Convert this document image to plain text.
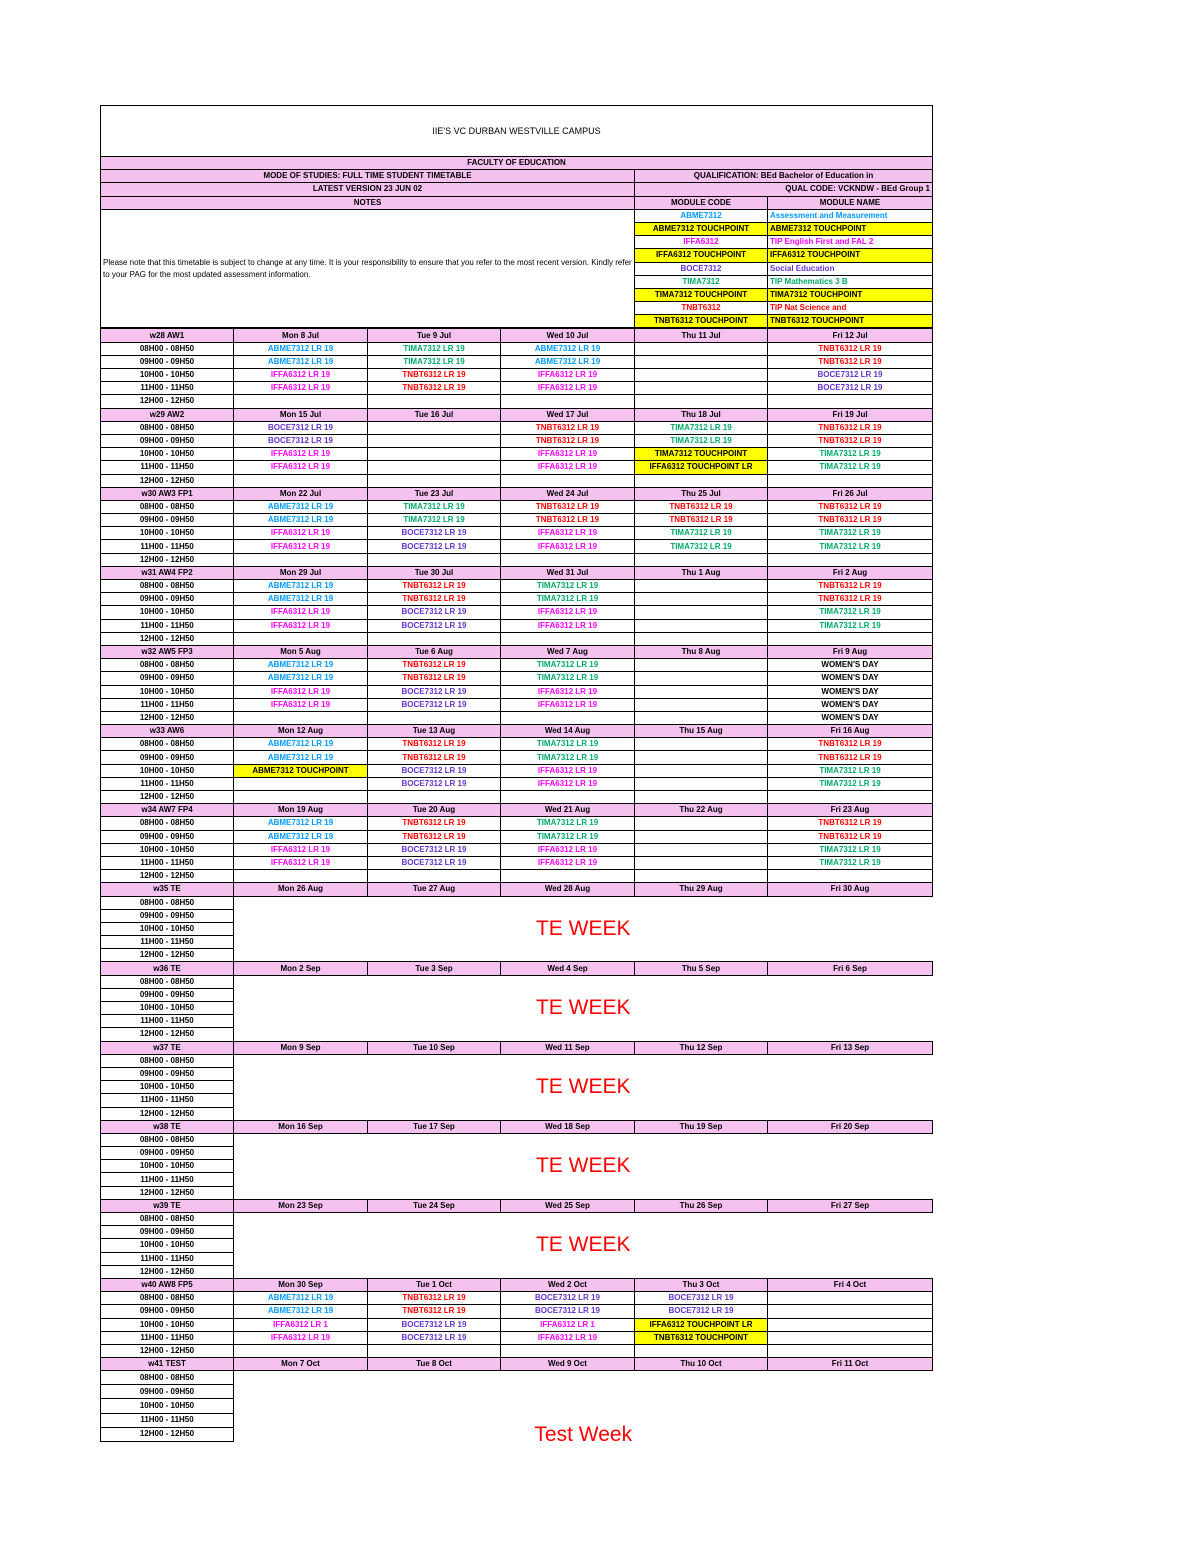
IIE'S VC DURBAN WESTVILLE CAMPUS		
FACULTY OF EDUCATION		
MODE OF STUDIES: FULL TIME STUDENT TIMETABLE	QUALIFICATION: BEd Bachelor of Education in	
LATEST VERSION 23 JUN 02	QUAL CODE: VCKNDW - BEd Group 1	
NOTES	MODULE CODE	MODULE NAME
Please note that this timetable is subject to change at any time. It is your responsibility to ensure that you refer to the most recent version. Kindly refer to your PAG for the most updated assessment information.	ABME7312	Assessment and Measurement
	ABME7312 TOUCHPOINT	ABME7312 TOUCHPOINT
	IFFA6312	TIP English First and FAL 2
	IFFA6312 TOUCHPOINT	IFFA6312 TOUCHPOINT
	BOCE7312	Social Education
	TIMA7312	TIP Mathematics 3 B
	TIMA7312 TOUCHPOINT	TIMA7312 TOUCHPOINT
	TNBT6312	TIP Nat Science and
	TNBT6312 TOUCHPOINT	TNBT6312 TOUCHPOINT
w28 AW1	Mon 8 Jul	Tue 9 Jul	Wed 10 Jul	Thu 11 Jul	Fri 12 Jul
08H00 - 08H50	ABME7312 LR 19	TIMA7312 LR 19	ABME7312 LR 19		TNBT6312 LR 19
09H00 - 09H50	ABME7312 LR 19	TIMA7312 LR 19	ABME7312 LR 19		TNBT6312 LR 19
10H00 - 10H50	IFFA6312 LR 19	TNBT6312 LR 19	IFFA6312 LR 19		BOCE7312 LR 19
11H00 - 11H50	IFFA6312 LR 19	TNBT6312 LR 19	IFFA6312 LR 19		BOCE7312 LR 19
12H00 - 12H50					
w29 AW2	Mon 15 Jul	Tue 16 Jul	Wed 17 Jul	Thu 18 Jul	Fri 19 Jul
08H00 - 08H50	BOCE7312 LR 19		TNBT6312 LR 19	TIMA7312 LR 19	TNBT6312 LR 19
09H00 - 09H50	BOCE7312 LR 19		TNBT6312 LR 19	TIMA7312 LR 19	TNBT6312 LR 19
10H00 - 10H50	IFFA6312 LR 19		IFFA6312 LR 19	TIMA7312 TOUCHPOINT	TIMA7312 LR 19
11H00 - 11H50	IFFA6312 LR 19		IFFA6312 LR 19	IFFA6312 TOUCHPOINT LR	TIMA7312 LR 19
12H00 - 12H50					
w30 AW3 FP1	Mon 22 Jul	Tue 23 Jul	Wed 24 Jul	Thu 25 Jul	Fri 26 Jul
08H00 - 08H50	ABME7312 LR 19	TIMA7312 LR 19	TNBT6312 LR 19	TNBT6312 LR 19	TNBT6312 LR 19
09H00 - 09H50	ABME7312 LR 19	TIMA7312 LR 19	TNBT6312 LR 19	TNBT6312 LR 19	TNBT6312 LR 19
10H00 - 10H50	IFFA6312 LR 19	BOCE7312 LR 19	IFFA6312 LR 19	TIMA7312 LR 19	TIMA7312 LR 19
11H00 - 11H50	IFFA6312 LR 19	BOCE7312 LR 19	IFFA6312 LR 19	TIMA7312 LR 19	TIMA7312 LR 19
12H00 - 12H50					
w31 AW4 FP2	Mon 29 Jul	Tue 30 Jul	Wed 31 Jul	Thu 1 Aug	Fri 2 Aug
08H00 - 08H50	ABME7312 LR 19	TNBT6312 LR 19	TIMA7312 LR 19		TNBT6312 LR 19
09H00 - 09H50	ABME7312 LR 19	TNBT6312 LR 19	TIMA7312 LR 19		TNBT6312 LR 19
10H00 - 10H50	IFFA6312 LR 19	BOCE7312 LR 19	IFFA6312 LR 19		TIMA7312 LR 19
11H00 - 11H50	IFFA6312 LR 19	BOCE7312 LR 19	IFFA6312 LR 19		TIMA7312 LR 19
12H00 - 12H50					
w32 AW5 FP3	Mon 5 Aug	Tue 6 Aug	Wed 7 Aug	Thu 8 Aug	Fri 9 Aug
08H00 - 08H50	ABME7312 LR 19	TNBT6312 LR 19	TIMA7312 LR 19		WOMEN'S DAY
09H00 - 09H50	ABME7312 LR 19	TNBT6312 LR 19	TIMA7312 LR 19		WOMEN'S DAY
10H00 - 10H50	IFFA6312 LR 19	BOCE7312 LR 19	IFFA6312 LR 19		WOMEN'S DAY
11H00 - 11H50	IFFA6312 LR 19	BOCE7312 LR 19	IFFA6312 LR 19		WOMEN'S DAY
12H00 - 12H50					WOMEN'S DAY
w33 AW6	Mon 12 Aug	Tue 13 Aug	Wed 14 Aug	Thu 15 Aug	Fri 16 Aug
08H00 - 08H50	ABME7312 LR 19	TNBT6312 LR 19	TIMA7312 LR 19		TNBT6312 LR 19
09H00 - 09H50	ABME7312 LR 19	TNBT6312 LR 19	TIMA7312 LR 19		TNBT6312 LR 19
10H00 - 10H50	ABME7312 TOUCHPOINT	BOCE7312 LR 19	IFFA6312 LR 19		TIMA7312 LR 19
11H00 - 11H50		BOCE7312 LR 19	IFFA6312 LR 19		TIMA7312 LR 19
12H00 - 12H50					
w34 AW7 FP4	Mon 19 Aug	Tue 20 Aug	Wed 21 Aug	Thu 22 Aug	Fri 23 Aug
08H00 - 08H50	ABME7312 LR 19	TNBT6312 LR 19	TIMA7312 LR 19		TNBT6312 LR 19
09H00 - 09H50	ABME7312 LR 19	TNBT6312 LR 19	TIMA7312 LR 19		TNBT6312 LR 19
10H00 - 10H50	IFFA6312 LR 19	BOCE7312 LR 19	IFFA6312 LR 19		TIMA7312 LR 19
11H00 - 11H50	IFFA6312 LR 19	BOCE7312 LR 19	IFFA6312 LR 19		TIMA7312 LR 19
12H00 - 12H50					
w35 TE	Mon 26 Aug	Tue 27 Aug	Wed 28 Aug	Thu 29 Aug	Fri 30 Aug
08H00 - 08H50	TE WEEK				
09H00 - 09H50					
10H00 - 10H50					
11H00 - 11H50					
12H00 - 12H50					
w36 TE	Mon 2 Sep	Tue 3 Sep	Wed 4 Sep	Thu 5 Sep	Fri 6 Sep
08H00 - 08H50	TE WEEK				
09H00 - 09H50					
10H00 - 10H50					
11H00 - 11H50					
12H00 - 12H50					
w37 TE	Mon 9 Sep	Tue 10 Sep	Wed 11 Sep	Thu 12 Sep	Fri 13 Sep
08H00 - 08H50	TE WEEK				
09H00 - 09H50					
10H00 - 10H50					
11H00 - 11H50					
12H00 - 12H50					
w38 TE	Mon 16 Sep	Tue 17 Sep	Wed 18 Sep	Thu 19 Sep	Fri 20 Sep
08H00 - 08H50	TE WEEK				
09H00 - 09H50					
10H00 - 10H50					
11H00 - 11H50					
12H00 - 12H50					
w39 TE	Mon 23 Sep	Tue 24 Sep	Wed 25 Sep	Thu 26 Sep	Fri 27 Sep
08H00 - 08H50	TE WEEK				
09H00 - 09H50					
10H00 - 10H50					
11H00 - 11H50					
12H00 - 12H50					
w40 AW8 FP5	Mon 30 Sep	Tue 1 Oct	Wed 2 Oct	Thu 3 Oct	Fri 4 Oct
08H00 - 08H50	ABME7312 LR 19	TNBT6312 LR 19	BOCE7312 LR 19	BOCE7312 LR 19	
09H00 - 09H50	ABME7312 LR 19	TNBT6312 LR 19	BOCE7312 LR 19	BOCE7312 LR 19	
10H00 - 10H50	IFFA6312 LR 1	BOCE7312 LR 19	IFFA6312 LR 1	IFFA6312 TOUCHPOINT LR	
11H00 - 11H50	IFFA6312 LR 19	BOCE7312 LR 19	IFFA6312 LR 19	TNBT6312 TOUCHPOINT	
12H00 - 12H50					
w41 TEST	Mon 7 Oct	Tue 8 Oct	Wed 9 Oct	Thu 10 Oct	Fri 11 Oct
08H00 - 08H50	Test Week				
09H00 - 09H50					
10H00 - 10H50					
11H00 - 11H50					
12H00 - 12H50					
